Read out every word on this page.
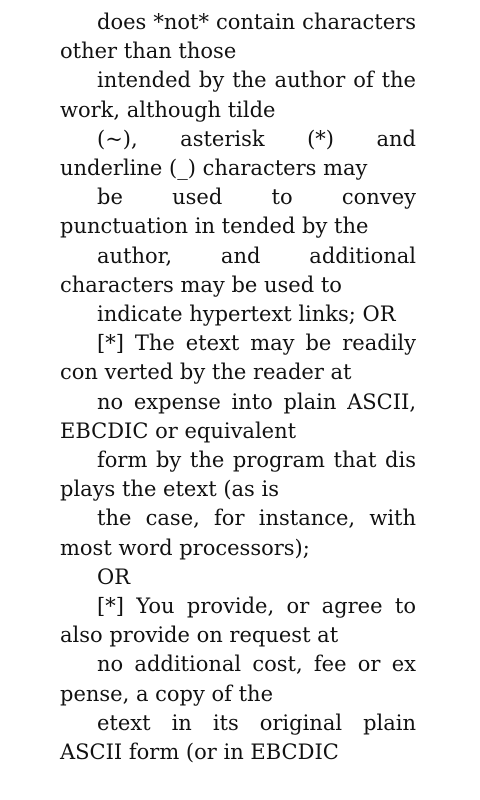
does *not* contain characters other than those

intended by the author of the work, although tilde

(~), asterisk (*) and underline (_) characters may

be used to convey punctuation in tended by the

author, and additional characters may be used to

indicate hypertext links; OR

[*] The etext may be readily con verted by the reader at

no expense into plain ASCII, EBCDIC or equivalent

form by the program that dis plays the etext (as is

the case, for instance, with most word processors);

OR

[*] You provide, or agree to also provide on request at

no additional cost, fee or ex pense, a copy of the

etext in its original plain ASCII form (or in EBCDIC
